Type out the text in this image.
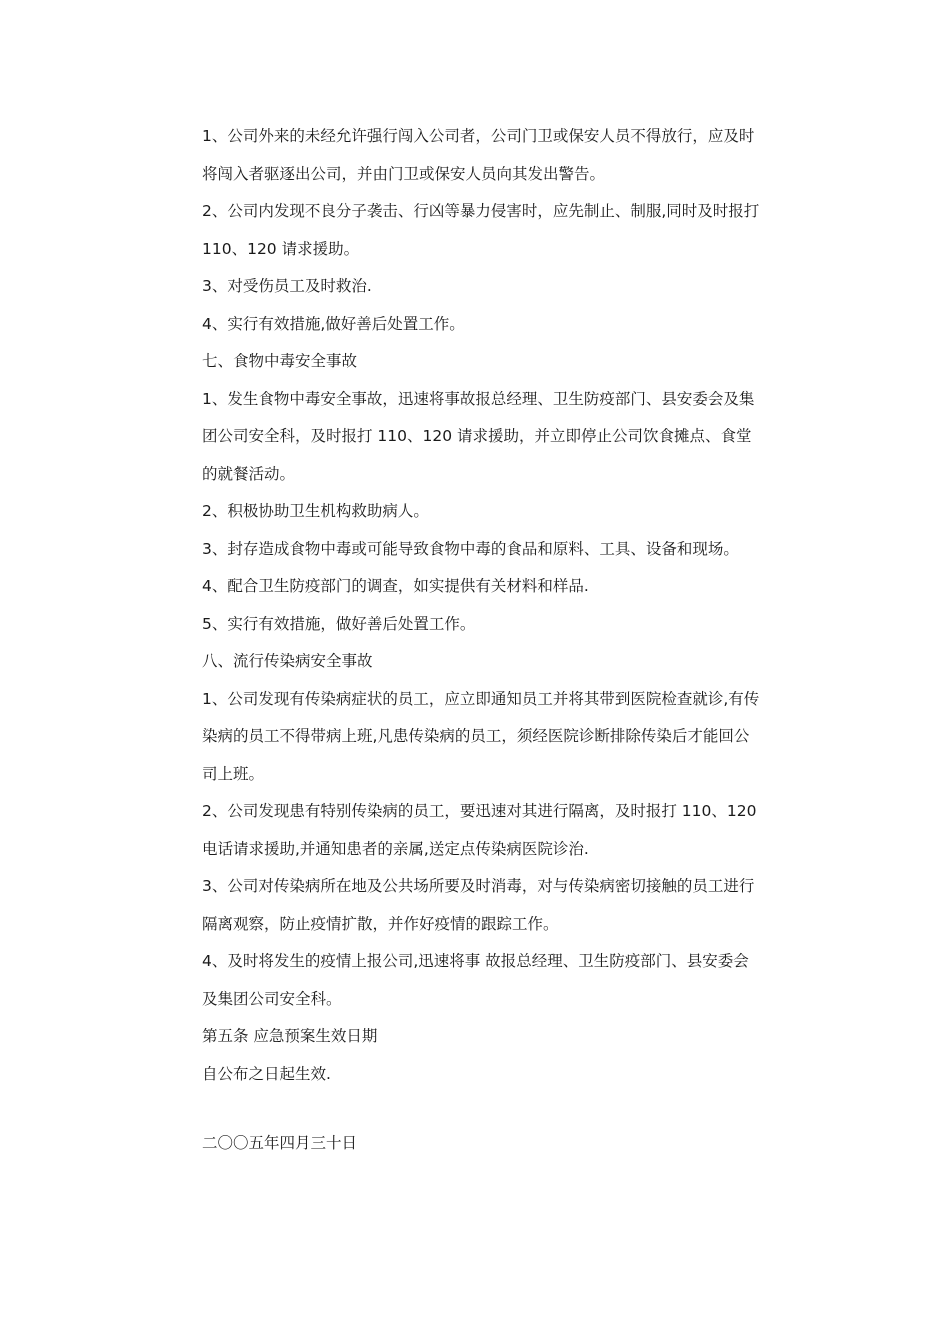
1、公司外来的未经允许强行闯入公司者，公司门卫或保安人员不得放行，应及时
将闯入者驱逐出公司，并由门卫或保安人员向其发出警告。
2、公司内发现不良分子袭击、行凶等暴力侵害时，应先制止、制服,同时及时报打
110、120 请求援助。
3、对受伤员工及时救治.
4、实行有效措施,做好善后处置工作。
七、食物中毒安全事故
1、发生食物中毒安全事故，迅速将事故报总经理、卫生防疫部门、县安委会及集
团公司安全科，及时报打 110、120 请求援助，并立即停止公司饮食摊点、食堂
的就餐活动。
2、积极协助卫生机构救助病人。
3、封存造成食物中毒或可能导致食物中毒的食品和原料、工具、设备和现场。
4、配合卫生防疫部门的调查，如实提供有关材料和样品.
5、实行有效措施，做好善后处置工作。
八、流行传染病安全事故
1、公司发现有传染病症状的员工，应立即通知员工并将其带到医院检查就诊,有传
染病的员工不得带病上班,凡患传染病的员工，须经医院诊断排除传染后才能回公
司上班。
2、公司发现患有特别传染病的员工，要迅速对其进行隔离，及时报打 110、120
电话请求援助,并通知患者的亲属,送定点传染病医院诊治.
3、公司对传染病所在地及公共场所要及时消毒，对与传染病密切接触的员工进行
隔离观察，防止疫情扩散，并作好疫情的跟踪工作。
4、及时将发生的疫情上报公司,迅速将事 故报总经理、卫生防疫部门、县安委会
及集团公司安全科。
第五条 应急预案生效日期
自公布之日起生效.
二〇〇五年四月三十日
